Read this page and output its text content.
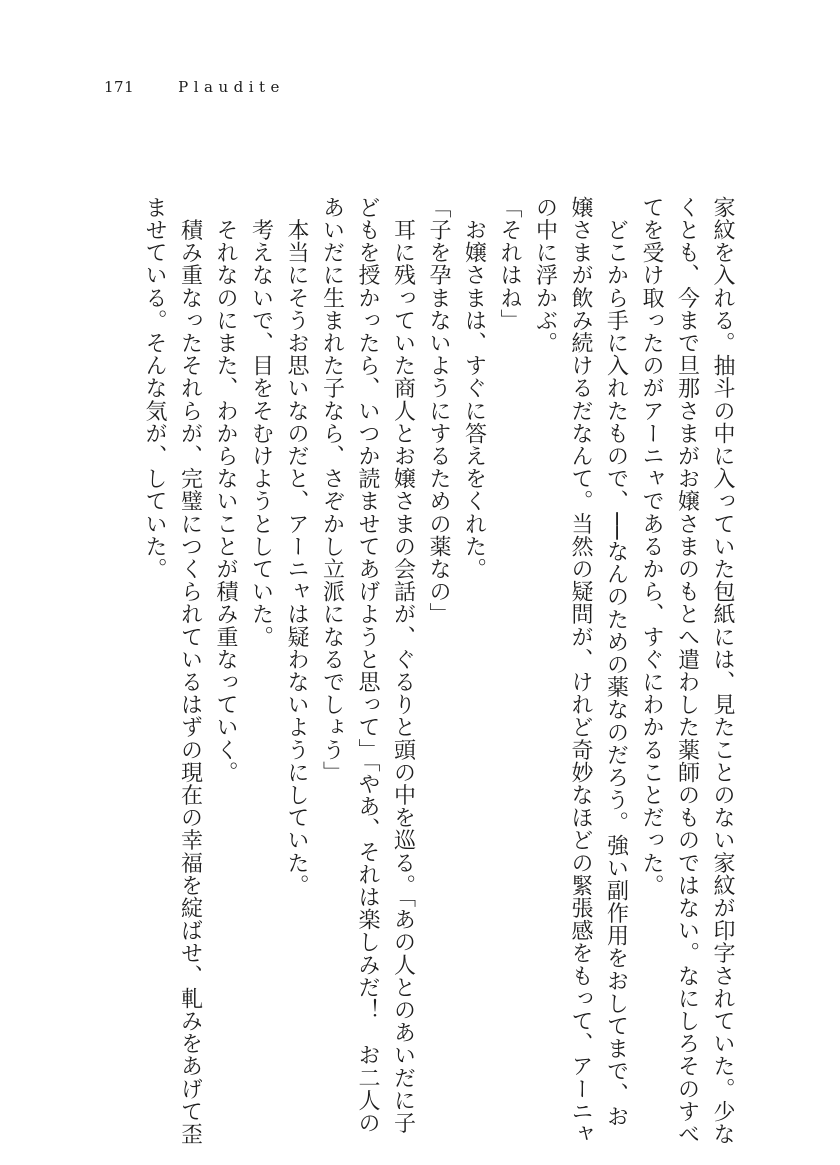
171	Plaudite
家紋を入れる。抽斗の中に入っていた包紙には、見たことのない家紋が印字されていた。少な
くとも、今まで旦那さまがお嬢さまのもとへ遣わした薬師のものではない。なにしろそのすべ
てを受け取ったのがアーニャであるから、すぐにわかることだった。
　どこから手に入れたもので、──なんのための薬なのだろう。強い副作用をおしてまで、お
嬢さまが飲み続けるだなんて。当然の疑問が、けれど奇妙なほどの緊張感をもって、アーニャ
の中に浮かぶ。
「それはね」
　お嬢さまは、すぐに答えをくれた。
「子を孕まないようにするための薬なの」
　耳に残っていた商人とお嬢さまの会話が、ぐるりと頭の中を巡る。「あの人とのあいだに子
どもを授かったら、いつか読ませてあげようと思って」「やあ、それは楽しみだ！　お二人の
あいだに生まれた子なら、さぞかし立派になるでしょう」
　本当にそうお思いなのだと、アーニャは疑わないようにしていた。
　考えないで、目をそむけようとしていた。
　それなのにまた、わからないことが積み重なっていく。
　積み重なったそれらが、完璧につくられているはずの現在の幸福を綻ばせ、軋みをあげて歪
ませている。そんな気が、していた。
